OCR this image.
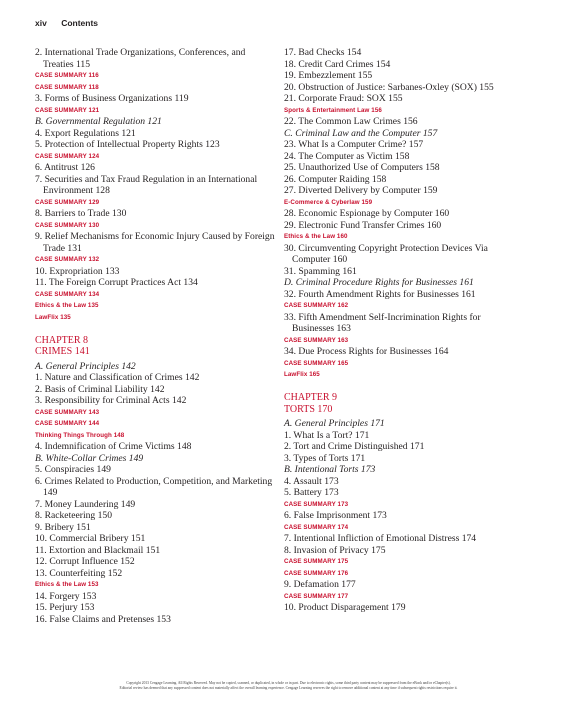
xiv Contents
2. International Trade Organizations, Conferences, and Treaties 115
CASE SUMMARY 116
CASE SUMMARY 118
3. Forms of Business Organizations 119
CASE SUMMARY 121
B. Governmental Regulation 121
4. Export Regulations 121
5. Protection of Intellectual Property Rights 123
CASE SUMMARY 124
6. Antitrust 126
7. Securities and Tax Fraud Regulation in an International Environment 128
CASE SUMMARY 129
8. Barriers to Trade 130
CASE SUMMARY 130
9. Relief Mechanisms for Economic Injury Caused by Foreign Trade 131
CASE SUMMARY 132
10. Expropriation 133
11. The Foreign Corrupt Practices Act 134
CASE SUMMARY 134
Ethics & the Law 135
LawFlix 135
CHAPTER 8
CRIMES 141
A. General Principles 142
1. Nature and Classification of Crimes 142
2. Basis of Criminal Liability 142
3. Responsibility for Criminal Acts 142
CASE SUMMARY 143
CASE SUMMARY 144
Thinking Things Through 148
4. Indemnification of Crime Victims 148
B. White-Collar Crimes 149
5. Conspiracies 149
6. Crimes Related to Production, Competition, and Marketing 149
7. Money Laundering 149
8. Racketeering 150
9. Bribery 151
10. Commercial Bribery 151
11. Extortion and Blackmail 151
12. Corrupt Influence 152
13. Counterfeiting 152
Ethics & the Law 153
14. Forgery 153
15. Perjury 153
16. False Claims and Pretenses 153
17. Bad Checks 154
18. Credit Card Crimes 154
19. Embezzlement 155
20. Obstruction of Justice: Sarbanes-Oxley (SOX) 155
21. Corporate Fraud: SOX 155
Sports & Entertainment Law 156
22. The Common Law Crimes 156
C. Criminal Law and the Computer 157
23. What Is a Computer Crime? 157
24. The Computer as Victim 158
25. Unauthorized Use of Computers 158
26. Computer Raiding 158
27. Diverted Delivery by Computer 159
E-Commerce & Cyberlaw 159
28. Economic Espionage by Computer 160
29. Electronic Fund Transfer Crimes 160
Ethics & the Law 160
30. Circumventing Copyright Protection Devices Via Computer 160
31. Spamming 161
D. Criminal Procedure Rights for Businesses 161
32. Fourth Amendment Rights for Businesses 161
CASE SUMMARY 162
33. Fifth Amendment Self-Incrimination Rights for Businesses 163
CASE SUMMARY 163
34. Due Process Rights for Businesses 164
CASE SUMMARY 165
LawFlix 165
CHAPTER 9
TORTS 170
A. General Principles 171
1. What Is a Tort? 171
2. Tort and Crime Distinguished 171
3. Types of Torts 171
B. Intentional Torts 173
4. Assault 173
5. Battery 173
CASE SUMMARY 173
6. False Imprisonment 173
CASE SUMMARY 174
7. Intentional Infliction of Emotional Distress 174
8. Invasion of Privacy 175
CASE SUMMARY 175
CASE SUMMARY 176
9. Defamation 177
CASE SUMMARY 177
10. Product Disparagement 179
Copyright 2013 Cengage Learning. All Rights Reserved. May not be copied, scanned, or duplicated, in whole or in part. Due to electronic rights, some third party content may be suppressed from the eBook and/or eChapter(s).
Editorial review has deemed that any suppressed content does not materially affect the overall learning experience. Cengage Learning reserves the right to remove additional content at any time if subsequent rights restrictions require it.
